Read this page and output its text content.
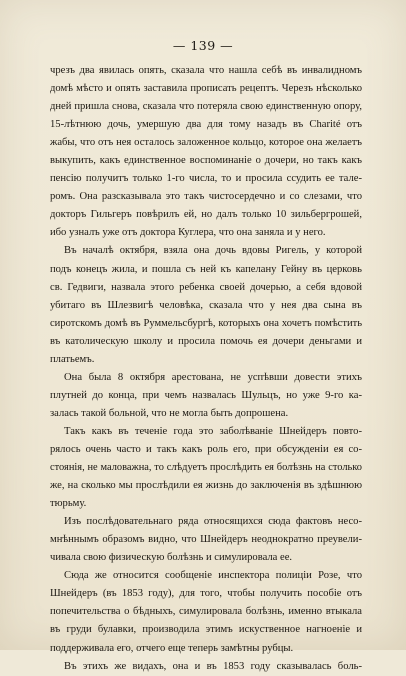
— 139 —
чрезъ два явилась опять, сказала что нашла себѣ въ инвалидномъ
домѣ мѣсто и опять заставила прописать рецептъ. Черезъ нѣсколько
дней пришла снова, сказала что потеряла свою единственную опору,
15-лѣтнюю дочь, умершую два для тому назадъ въ Charité отъ
жабы, что отъ нея осталось заложенное кольцо, которое она желаетъ
выкупить, какъ единственное воспоминаніе о дочери, но такъ какъ
пенсію получитъ только 1-го числа, то и просила ссудить ее тале-
ромъ. Она разсказывала это такъ чистосердечно и со слезами, что
докторъ Гильгеръ повѣрилъ ей, но далъ только 10 зильбергрошей,
ибо узналъ уже отъ доктора Куглера, что она заняла и у него.
Въ началѣ октября, взяла она дочь вдовы Ригель, у которой
подъ конецъ жила, и пошла съ ней къ капелану Гейну въ церковь
св. Гедвиги, назвала этого ребенка своей дочерью, а себя вдовой
убитаго въ Шлезвигѣ человѣка, сказала что у нея два сына въ
сиротскомъ домѣ въ Руммельсбургѣ, которыхъ она хочетъ помѣстить
въ католическую школу и просила помочь ея дочери деньгами и
платьемъ.
Она была 8 октября арестована, не успѣвши довести этихъ
плутней до конца, при чемъ назвалась Шульцъ, но уже 9-го ка-
залась такой больной, что не могла быть допрошена.
Такъ какъ въ теченіе года это заболѣваніе Шнейдеръ повто-
рялось очень часто и такъ какъ роль его, при обсужденіи ея со-
стоянія, не маловажна, то слѣдуетъ прослѣдить ея болѣзнь на столько
же, на сколько мы прослѣдили ея жизнь до заключенія въ здѣшнюю
тюрьму.
Изъ послѣдовательнаго ряда относящихся сюда фактовъ несо-
мнѣннымъ образомъ видно, что Шнейдеръ неоднократно преувели-
чивала свою физическую болѣзнь и симулировала ее.
Сюда же относится сообщеніе инспектора полиціи Розе, что
Шнейдеръ (въ 1853 году), для того, чтобы получить пособіе отъ
попечительства о бѣдныхъ, симулировала болѣзнь, именно втыкала
въ груди булавки, производила этимъ искуственное нагноеніе и
поддерживала его, отчего еще теперь замѣтны рубцы.
Въ этихъ же видахъ, она и въ 1853 году сказывалась боль-
